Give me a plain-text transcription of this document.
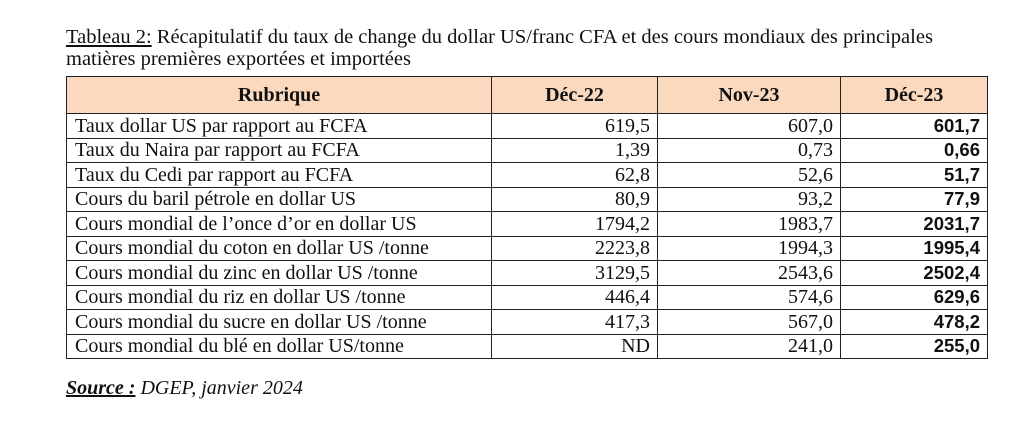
Tableau 2: Récapitulatif du taux de change du dollar US/franc CFA et des cours mondiaux des principales matières premières exportées et importées
Rubrique	Déc-22	Nov-23	Déc-23
Taux dollar US par rapport au FCFA	619,5	607,0	601,7
Taux du Naira par rapport au FCFA	1,39	0,73	0,66
Taux du Cedi par rapport au FCFA	62,8	52,6	51,7
Cours du baril pétrole en dollar US	80,9	93,2	77,9
Cours mondial de l’once d’or en dollar US	1794,2	1983,7	2031,7
Cours mondial du coton en dollar US /tonne	2223,8	1994,3	1995,4
Cours mondial du zinc en dollar US /tonne	3129,5	2543,6	2502,4
Cours mondial du riz en dollar US /tonne	446,4	574,6	629,6
Cours mondial du sucre en dollar US /tonne	417,3	567,0	478,2
Cours mondial du blé en dollar US/tonne	ND	241,0	255,0
Source : DGEP, janvier 2024
